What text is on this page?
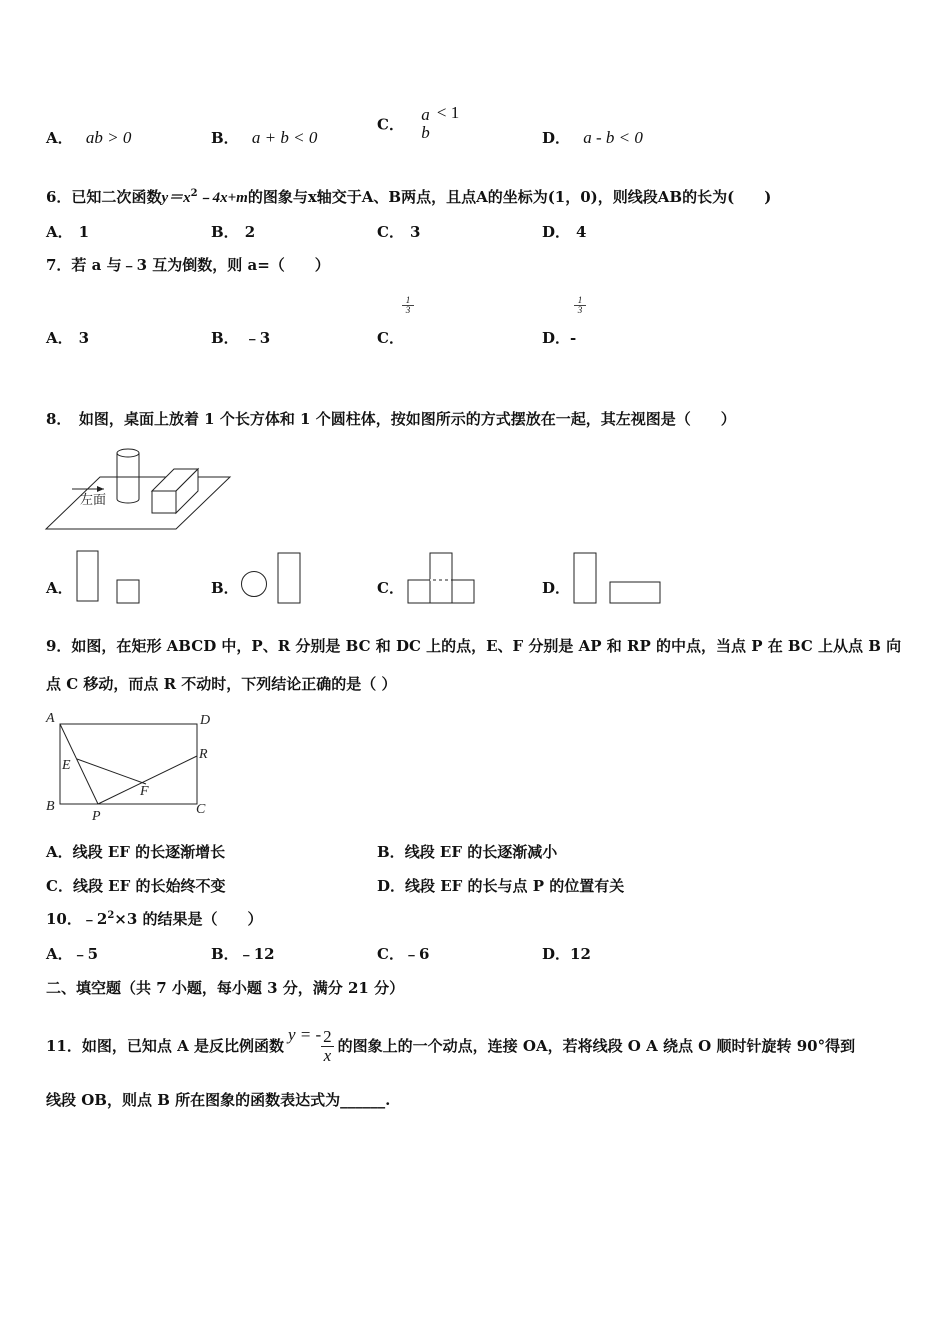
A． ab > 0	B． a + b < 0
C．
a
b
< 1
D． a - b < 0
6．已知二次函数$y=x^2﹣4x+m$的图象与x轴交于A、B两点，且点A的坐标为(1，0)，则线段AB的长为(　　)
A． 1	B． 2	C． 3	D． 4
7．若 a 与﹣3 互为倒数，则 a=（　　）
A． 3	B． ﹣3	C．
1
3
D．-
1
3
8．　如图，桌面上放着 1 个长方体和 1 个圆柱体，按如图所示的方式摆放在一起，其左视图是（　　）
左面
A．	B．	C．	D．
9．如图，在矩形 ABCD 中，P、R 分别是 BC 和 DC 上的点，E、F 分别是 AP 和 RP 的中点，当点 P 在 BC 上从点 B 向
点 C 移动，而点 R 不动时，下列结论正确的是（ ）
A	D
R
E
F
B
P	C
A．线段 EF 的长逐渐增长	B．线段 EF 的长逐渐减小
C．线段 EF 的长始终不变	D．线段 EF 的长与点 P 的位置有关
10．$﹣2^2\times 3$ 的结果是（　　）
A．﹣5	B．﹣12	C．﹣6	D．12
二、填空题（共 7 小题，每小题 3 分，满分 21 分）
11．如图，已知点 A 是反比例函数y = - $\frac{2}{x}$ 的图象上的一个动点，连接 OA，若将线段 O A 绕点 O 顺时针旋转 90°得到
线段 OB，则点 B 所在图象的函数表达式为______.
